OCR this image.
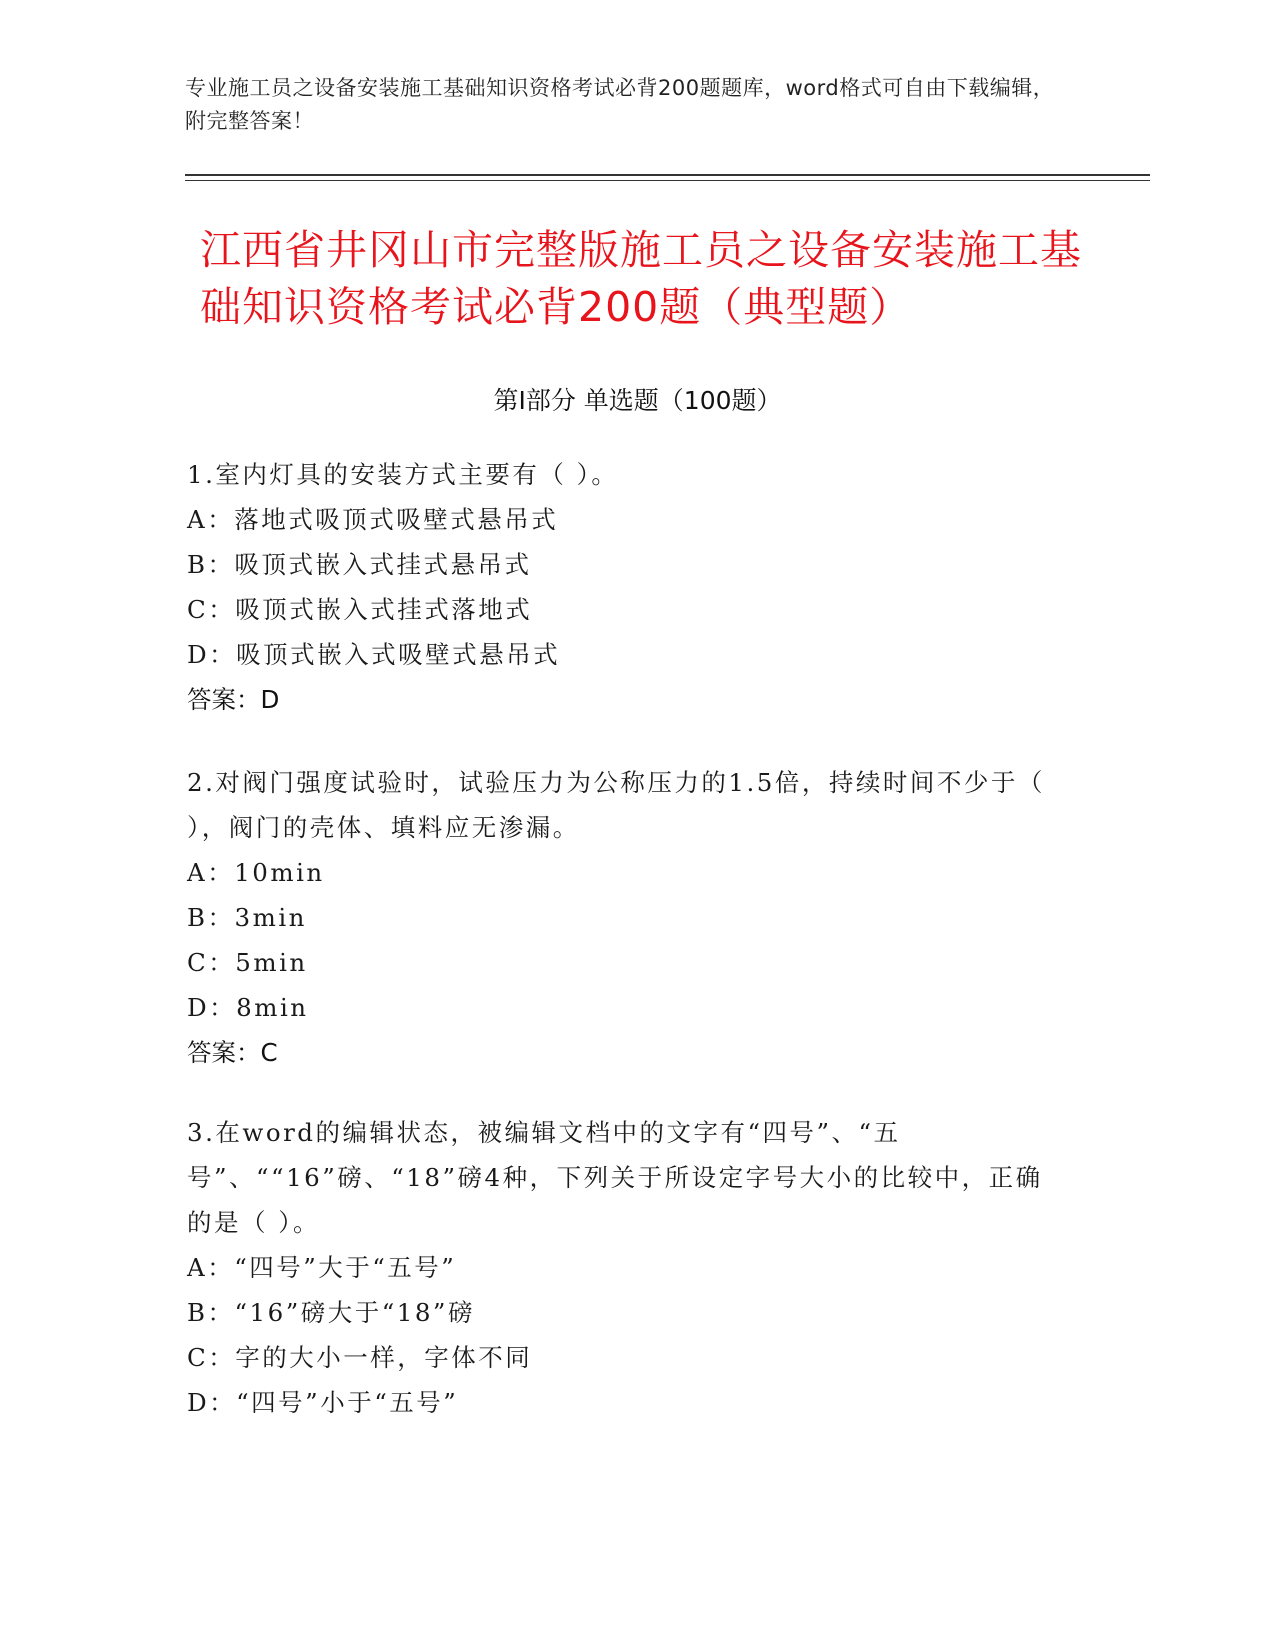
专业施工员之设备安装施工基础知识资格考试必背200题题库，word格式可自由下载编辑，附完整答案！
江西省井冈山市完整版施工员之设备安装施工基础知识资格考试必背200题（典型题）
第I部分 单选题（100题）
1.室内灯具的安装方式主要有（ ）。
A：落地式吸顶式吸壁式悬吊式
B：吸顶式嵌入式挂式悬吊式
C：吸顶式嵌入式挂式落地式
D：吸顶式嵌入式吸壁式悬吊式
答案：D
2.对阀门强度试验时，试验压力为公称压力的1.5倍，持续时间不少于（ ），阀门的壳体、填料应无渗漏。
A：10min
B：3min
C：5min
D：8min
答案：C
3.在word的编辑状态，被编辑文档中的文字有“四号”、“五号”、““16”磅、“18”磅4种，下列关于所设定字号大小的比较中，正确的是（ ）。
A：“四号”大于“五号”
B：“16”磅大于“18”磅
C：字的大小一样，字体不同
D：“四号”小于“五号”
